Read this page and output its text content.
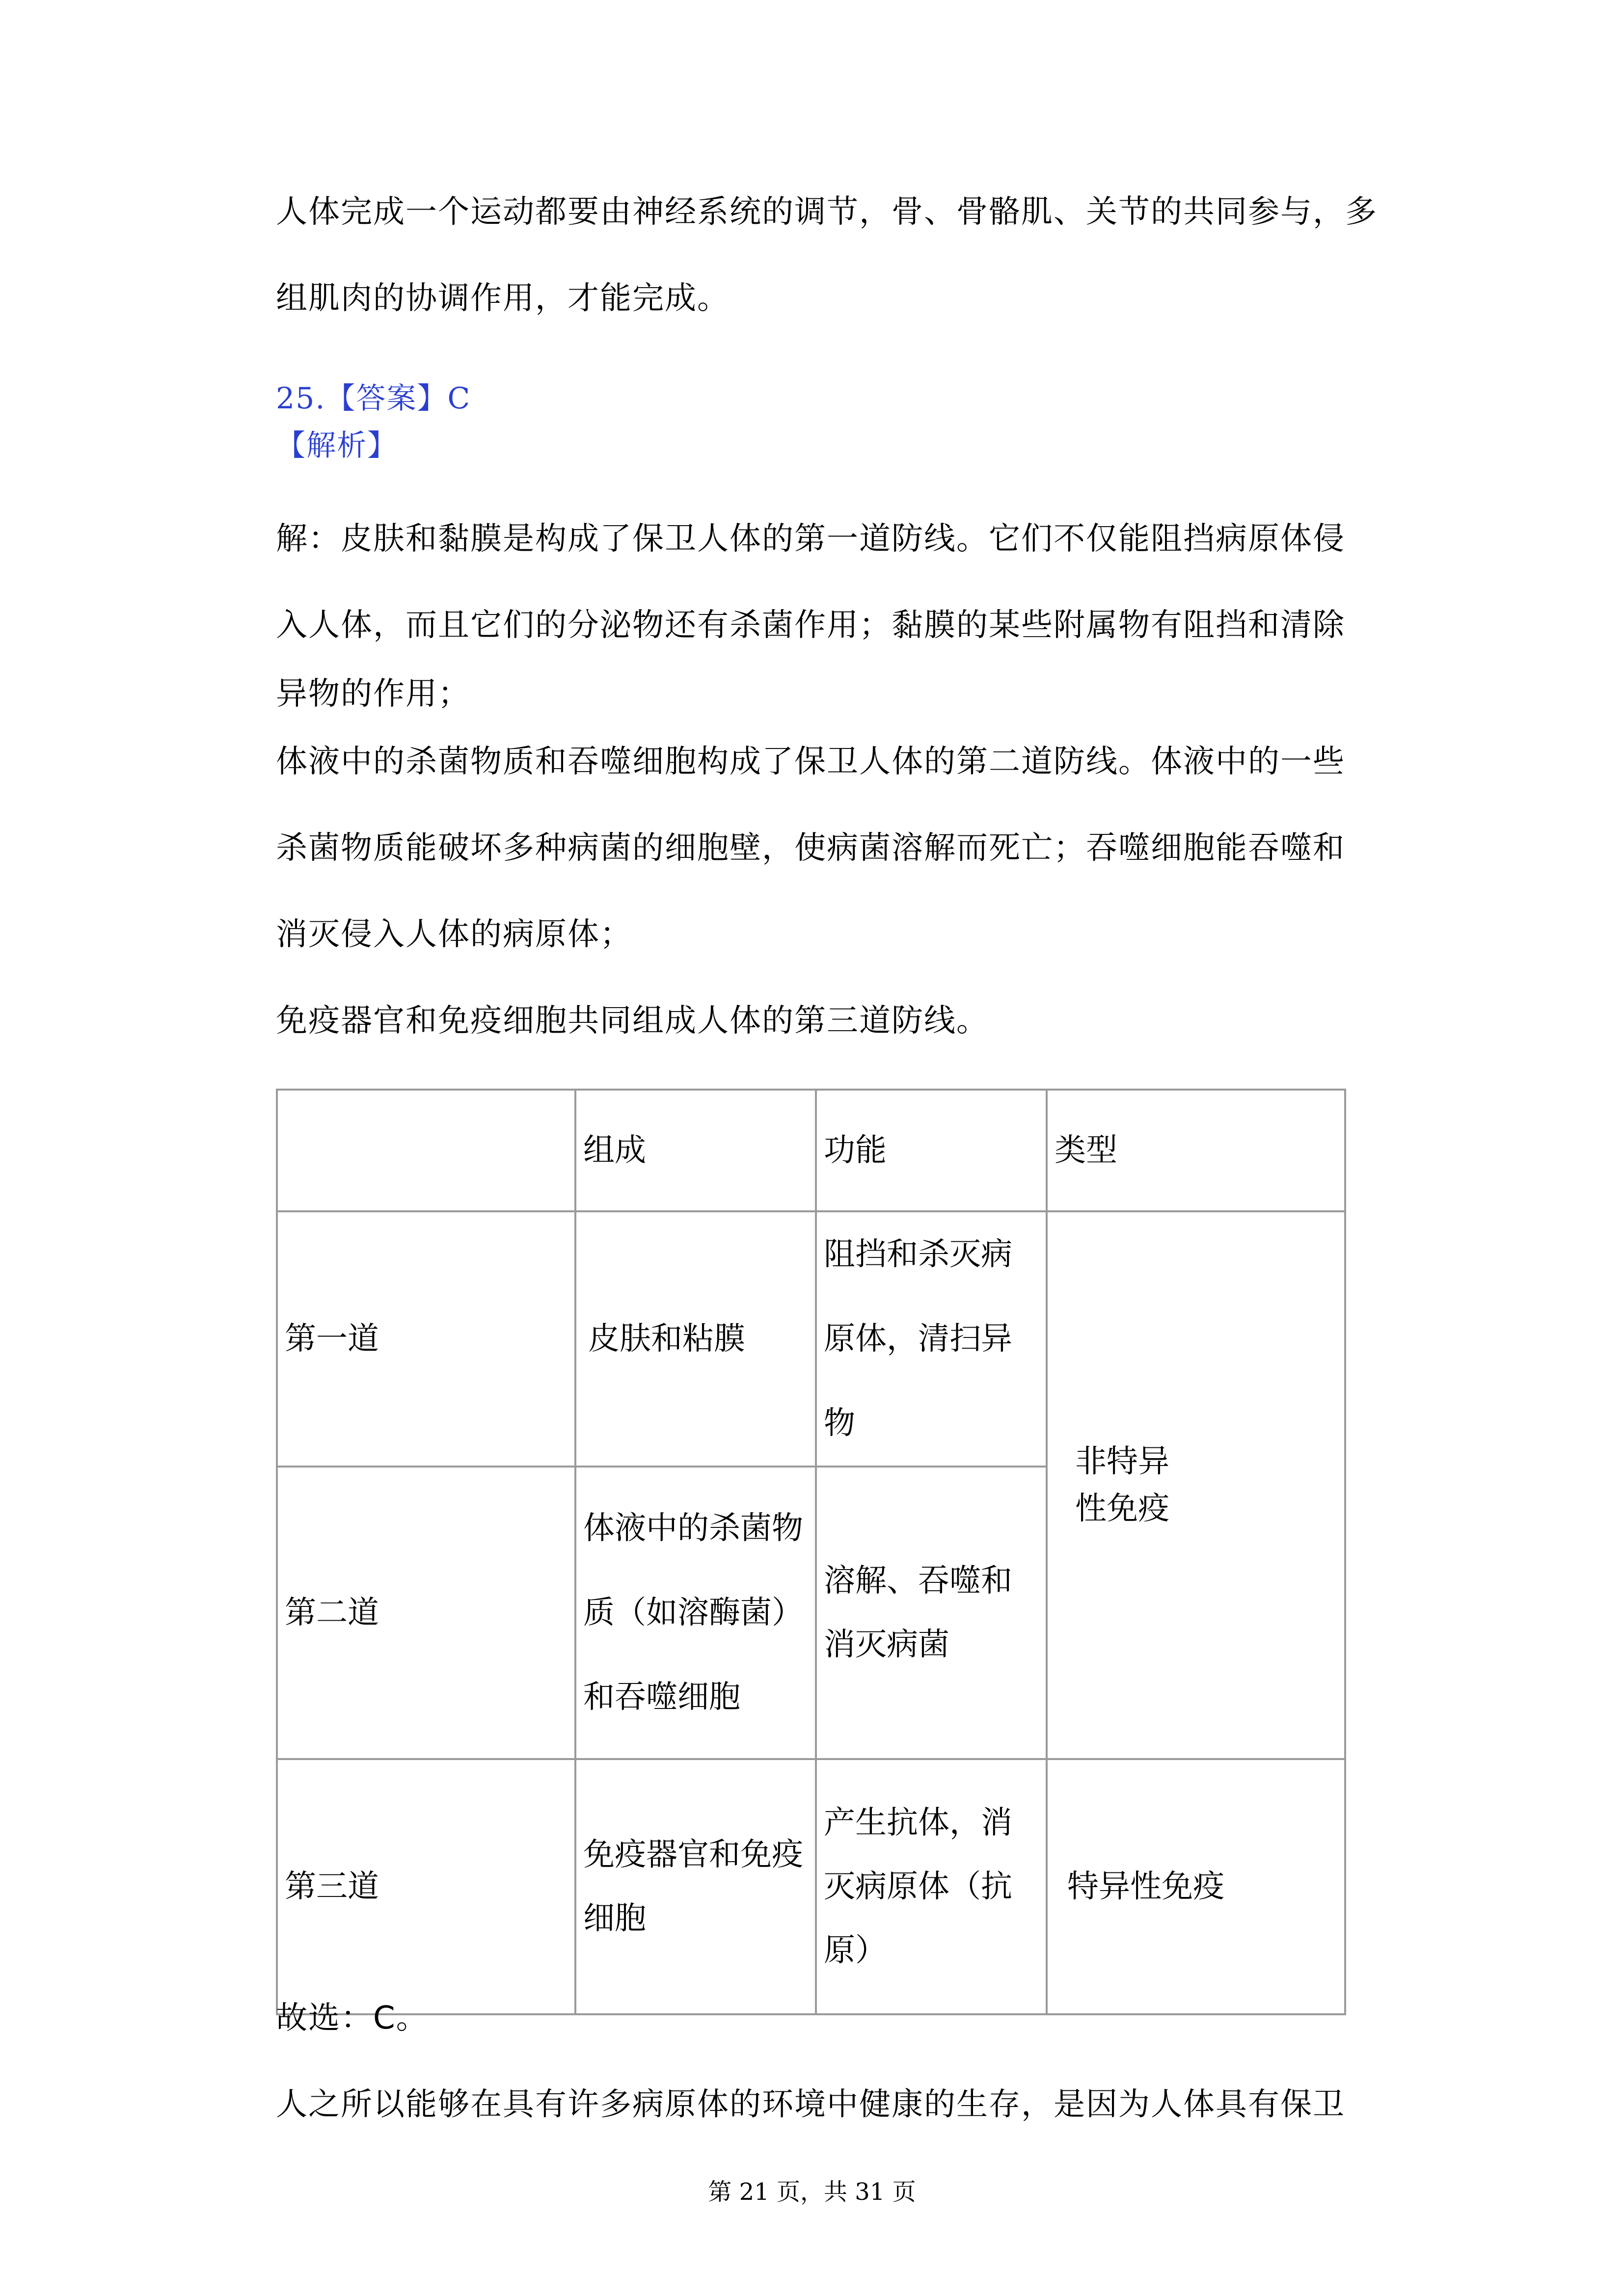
人体完成一个运动都要由神经系统的调节，骨、骨骼肌、关节的共同参与，多
组肌肉的协调作用，才能完成。
25.【答案】C
【解析】
解：皮肤和黏膜是构成了保卫人体的第一道防线。它们不仅能阻挡病原体侵
入人体，而且它们的分泌物还有杀菌作用；黏膜的某些附属物有阻挡和清除
异物的作用；
体液中的杀菌物质和吞噬细胞构成了保卫人体的第二道防线。体液中的一些
杀菌物质能破坏多种病菌的细胞壁，使病菌溶解而死亡；吞噬细胞能吞噬和
消灭侵入人体的病原体；
免疫器官和免疫细胞共同组成人体的第三道防线。
	组成	功能	类型
第一道	皮肤和粘膜	阻挡和杀灭病原体，清扫异物	非特异性免疫

第二道	体液中的杀菌物质（如溶酶菌）和吞噬细胞	溶解、吞噬和消灭病菌	
第三道	免疫器官和免疫细胞	产生抗体，消灭病原体（抗原）	特异性免疫
故选：C。
人之所以能够在具有许多病原体的环境中健康的生存，是因为人体具有保卫
第 21 页，共 31 页
